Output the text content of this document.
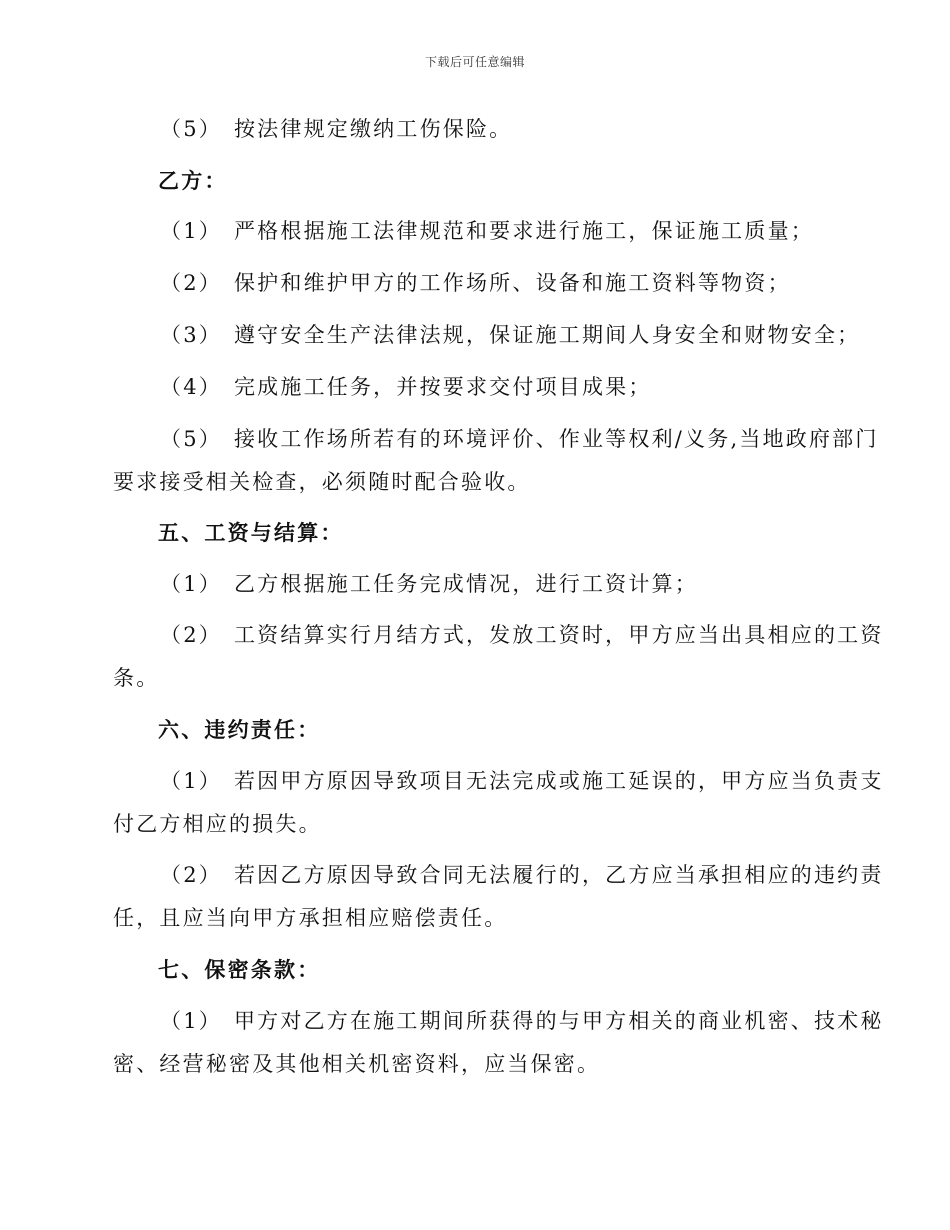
下载后可任意编辑
（5） 按法律规定缴纳工伤保险。
乙方：
（1） 严格根据施工法律规范和要求进行施工，保证施工质量；
（2） 保护和维护甲方的工作场所、设备和施工资料等物资；
（3） 遵守安全生产法律法规，保证施工期间人身安全和财物安全；
（4） 完成施工任务，并按要求交付项目成果；
（5） 接收工作场所若有的环境评价、作业等权利/义务,当地政府部门
要求接受相关检查，必须随时配合验收。
五、工资与结算：
（1） 乙方根据施工任务完成情况，进行工资计算；
（2） 工资结算实行月结方式，发放工资时，甲方应当出具相应的工资
条。
六、违约责任：
（1） 若因甲方原因导致项目无法完成或施工延误的，甲方应当负责支
付乙方相应的损失。
（2） 若因乙方原因导致合同无法履行的，乙方应当承担相应的违约责
任，且应当向甲方承担相应赔偿责任。
七、保密条款：
（1） 甲方对乙方在施工期间所获得的与甲方相关的商业机密、技术秘
密、经营秘密及其他相关机密资料，应当保密。
